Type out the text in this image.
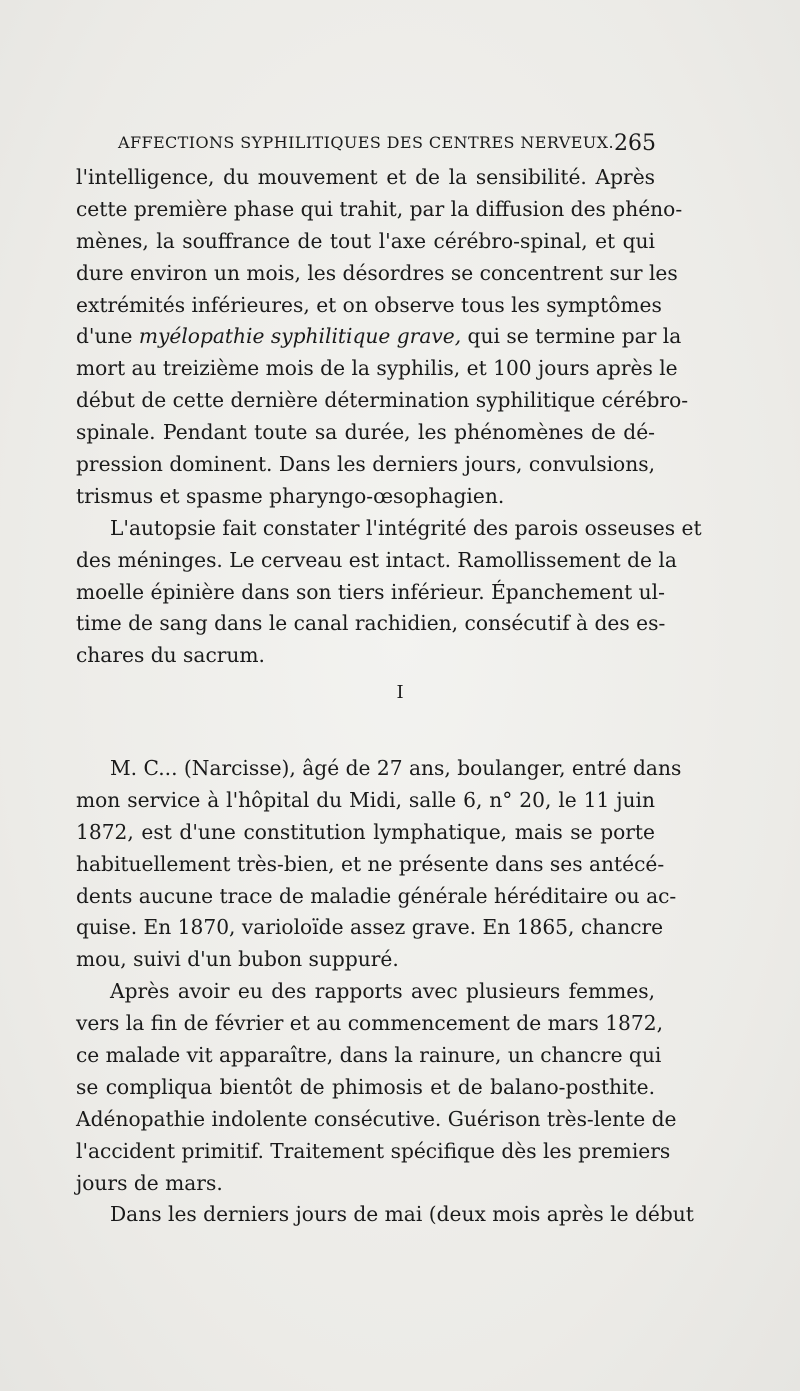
AFFECTIONS SYPHILITIQUES DES CENTRES NERVEUX. 265
l'intelligence, du mouvement et de la sensibilité. Après
cette première phase qui trahit, par la diffusion des phéno-
mènes, la souffrance de tout l'axe cérébro-spinal, et qui
dure environ un mois, les désordres se concentrent sur les
extrémités inférieures, et on observe tous les symptômes
d'une myélopathie syphilitique grave, qui se termine par la
mort au treizième mois de la syphilis, et 100 jours après le
début de cette dernière détermination syphilitique cérébro-
spinale. Pendant toute sa durée, les phénomènes de dé-
pression dominent. Dans les derniers jours, convulsions,
trismus et spasme pharyngo-œsophagien.
L'autopsie fait constater l'intégrité des parois osseuses et
des méninges. Le cerveau est intact. Ramollissement de la
moelle épinière dans son tiers inférieur. Épanchement ul-
time de sang dans le canal rachidien, consécutif à des es-
chares du sacrum.
I
M. C... (Narcisse), âgé de 27 ans, boulanger, entré dans
mon service à l'hôpital du Midi, salle 6, n° 20, le 11 juin
1872, est d'une constitution lymphatique, mais se porte
habituellement très-bien, et ne présente dans ses antécé-
dents aucune trace de maladie générale héréditaire ou ac-
quise. En 1870, varioloïde assez grave. En 1865, chancre
mou, suivi d'un bubon suppuré.
Après avoir eu des rapports avec plusieurs femmes,
vers la fin de février et au commencement de mars 1872,
ce malade vit apparaître, dans la rainure, un chancre qui
se compliqua bientôt de phimosis et de balano-posthite.
Adénopathie indolente consécutive. Guérison très-lente de
l'accident primitif. Traitement spécifique dès les premiers
jours de mars.
Dans les derniers jours de mai (deux mois après le début
